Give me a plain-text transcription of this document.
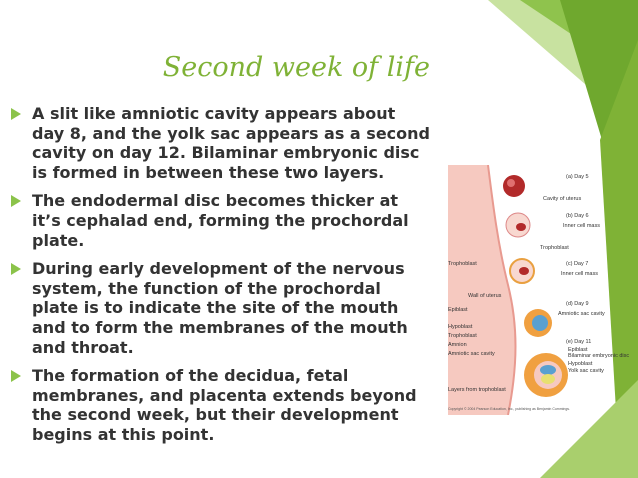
Second week of life
A slit like amniotic cavity appears about day 8, and the yolk sac appears as a second cavity on day 12. Bilaminar embryonic disc is formed in between these two layers.
The endodermal disc becomes thicker at it’s cephalad end, forming the prochordal plate.
During early development of the nervous system, the function of the prochordal plate is to indicate the site of the mouth and to form the membranes of the mouth and throat.
The formation of the decidua, fetal membranes, and placenta extends beyond the second week, but their development begins at this point.
(a) Day 5
Cavity of uterus
(b) Day 6
Inner cell mass
Trophoblast
Trophoblast	(c) Day 7
Inner cell mass
Wall of uterus
(d) Day 9
Epiblast
Amniotic sac cavity
Hypoblast
Trophoblast
Amnion
Amniotic sac cavity
(e) Day 11
Epiblast
Bilaminar embryonic disc
Hypoblast
Yolk sac cavity
Layers from trophoblast
Copyright © 2004 Pearson Education, Inc., publishing as Benjamin Cummings.
